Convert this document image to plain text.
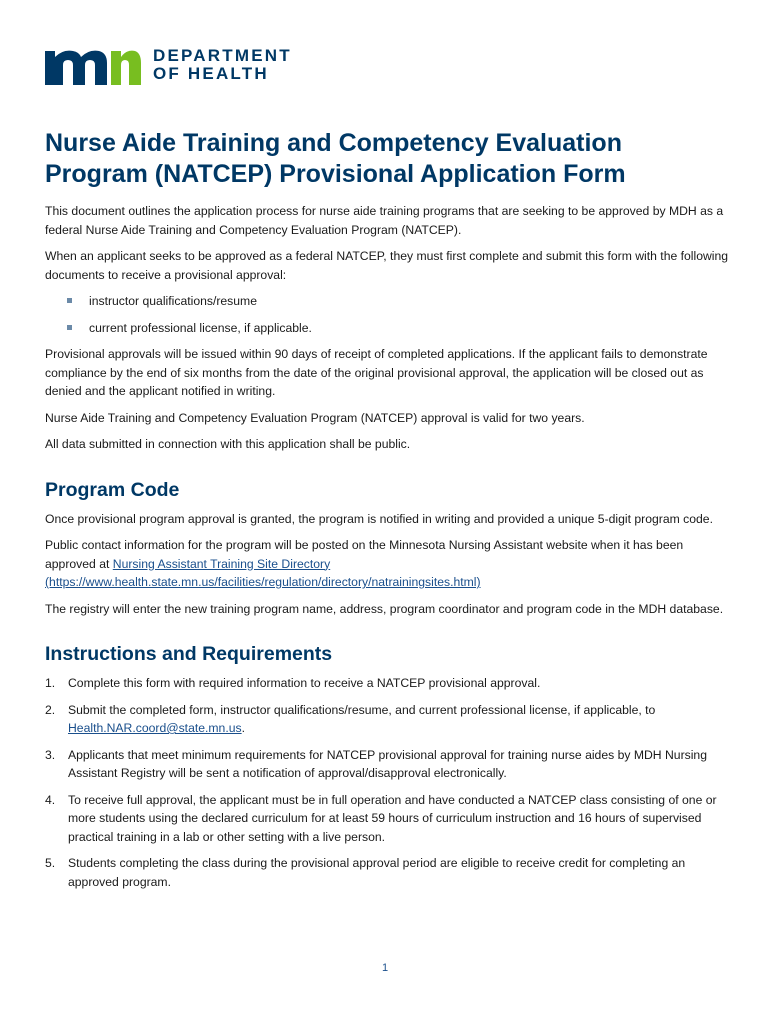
DEPARTMENT
OF HEALTH
Nurse Aide Training and Competency Evaluation Program (NATCEP) Provisional Application Form

This document outlines the application process for nurse aide training programs that are seeking to be approved by MDH as a federal Nurse Aide Training and Competency Evaluation Program (NATCEP).

When an applicant seeks to be approved as a federal NATCEP, they must first complete and submit this form with the following documents to receive a provisional approval:

instructor qualifications/resume
current professional license, if applicable.

Provisional approvals will be issued within 90 days of receipt of completed applications. If the applicant fails to demonstrate compliance by the end of six months from the date of the original provisional approval, the application will be closed out as denied and the applicant notified in writing.

Nurse Aide Training and Competency Evaluation Program (NATCEP) approval is valid for two years.

All data submitted in connection with this application shall be public.

Program Code

Once provisional program approval is granted, the program is notified in writing and provided a unique 5-digit program code.

Public contact information for the program will be posted on the Minnesota Nursing Assistant website when it has been approved at Nursing Assistant Training Site Directory
(https://www.health.state.mn.us/facilities/regulation/directory/natrainingsites.html)

The registry will enter the new training program name, address, program coordinator and program code in the MDH database.

Instructions and Requirements
1. Complete this form with required information to receive a NATCEP provisional approval.
2. Submit the completed form, instructor qualifications/resume, and current professional license, if applicable, to Health.NAR.coord@state.mn.us.
3. Applicants that meet minimum requirements for NATCEP provisional approval for training nurse aides by MDH Nursing Assistant Registry will be sent a notification of approval/disapproval electronically.
4. To receive full approval, the applicant must be in full operation and have conducted a NATCEP class consisting of one or more students using the declared curriculum for at least 59 hours of curriculum instruction and 16 hours of supervised practical training in a lab or other setting with a live person.
5. Students completing the class during the provisional approval period are eligible to receive credit for completing an approved program.
1
